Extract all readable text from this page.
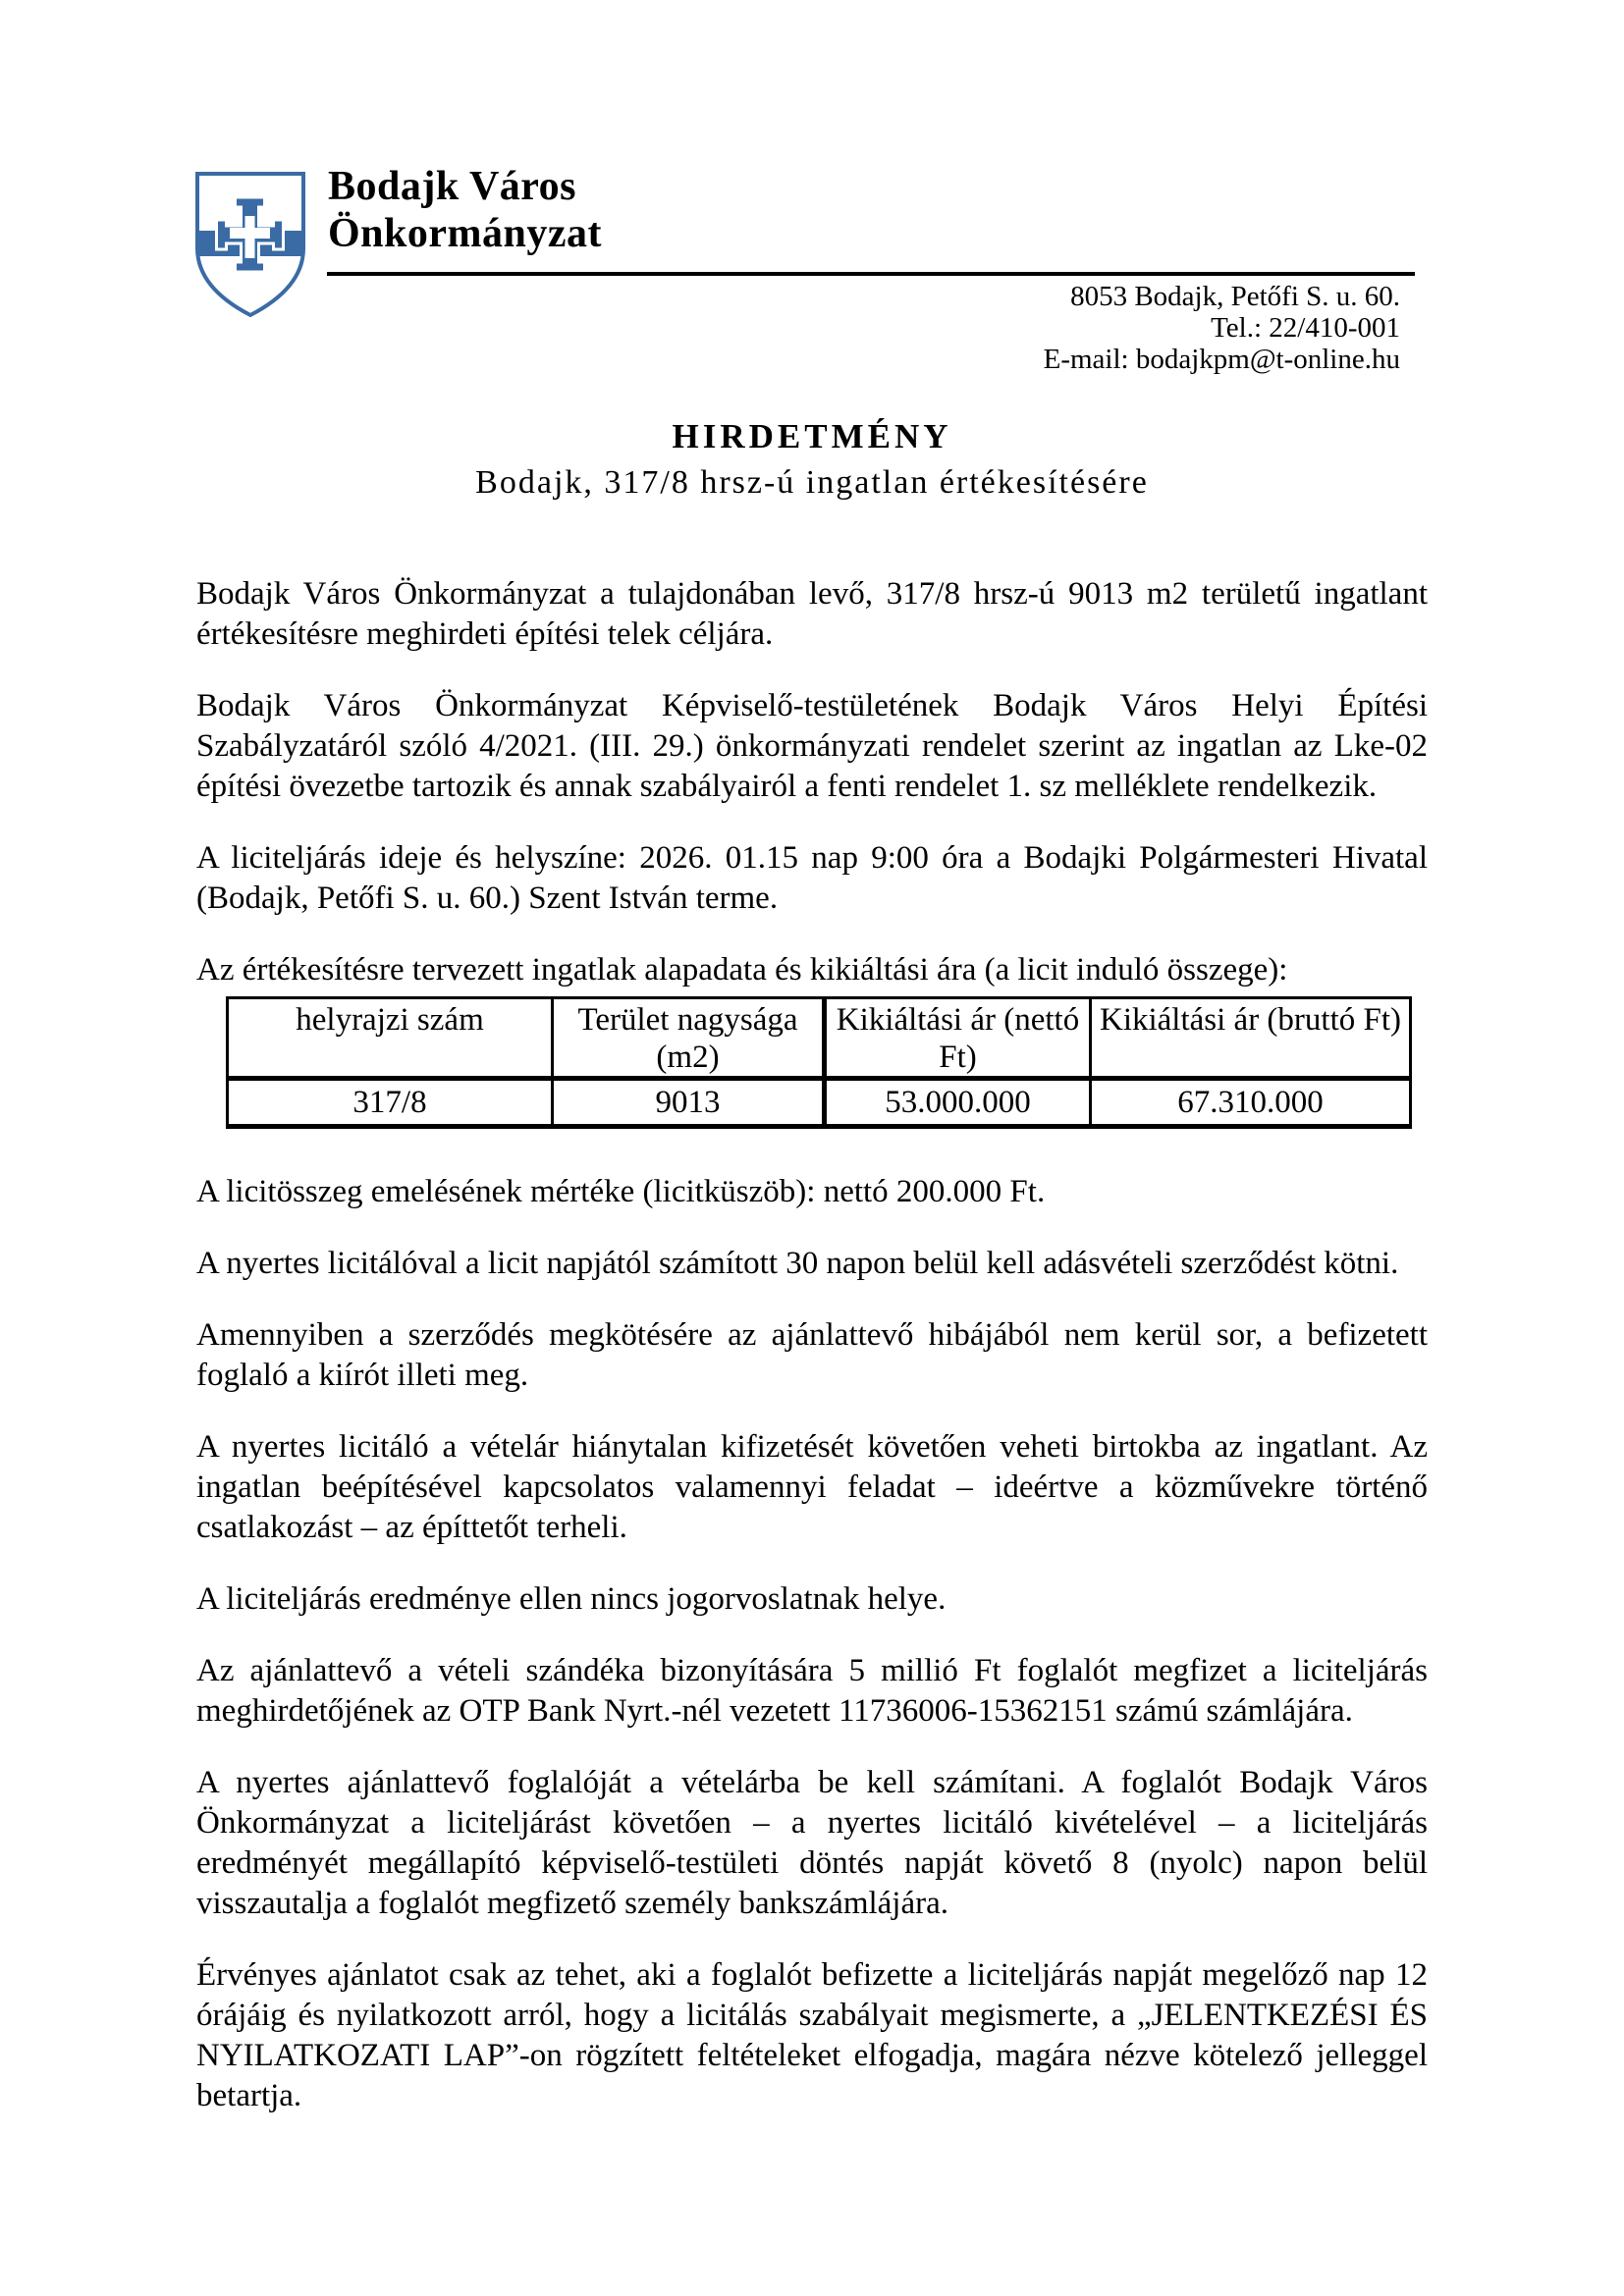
Bodajk Város
Önkormányzat
8053 Bodajk, Petőfi S. u. 60.
Tel.: 22/410-001
E-mail: bodajkpm@t-online.hu
HIRDETMÉNY
Bodajk, 317/8 hrsz-ú ingatlan értékesítésére

Bodajk Város Önkormányzat a tulajdonában levő, 317/8 hrsz-ú 9013 m2 területű ingatlant értékesítésre meghirdeti építési telek céljára.

Bodajk Város Önkormányzat Képviselő-testületének Bodajk Város Helyi Építési Szabályzatáról szóló 4/2021. (III. 29.) önkormányzati rendelet szerint az ingatlan az Lke-02 építési övezetbe tartozik és annak szabályairól a fenti rendelet 1. sz melléklete rendelkezik.

A liciteljárás ideje és helyszíne: 2026. 01.15 nap 9:00 óra a Bodajki Polgármesteri Hivatal (Bodajk, Petőfi S. u. 60.) Szent István terme.

Az értékesítésre tervezett ingatlak alapadata és kikiáltási ára (a licit induló összege):

helyrajzi szám	Terület nagysága (m2)	Kikiáltási ár (nettó Ft)	Kikiáltási ár (bruttó Ft)
317/8	9013	53.000.000	67.310.000

A licitösszeg emelésének mértéke (licitküszöb): nettó 200.000 Ft.

A nyertes licitálóval a licit napjától számított 30 napon belül kell adásvételi szerződést kötni.

Amennyiben a szerződés megkötésére az ajánlattevő hibájából nem kerül sor, a befizetett foglaló a kiírót illeti meg.

A nyertes licitáló a vételár hiánytalan kifizetését követően veheti birtokba az ingatlant. Az ingatlan beépítésével kapcsolatos valamennyi feladat – ideértve a közművekre történő csatlakozást – az építtetőt terheli.

A liciteljárás eredménye ellen nincs jogorvoslatnak helye.

Az ajánlattevő a vételi szándéka bizonyítására 5 millió Ft foglalót megfizet a liciteljárás meghirdetőjének az OTP Bank Nyrt.-nél vezetett 11736006-15362151 számú számlájára.

A nyertes ajánlattevő foglalóját a vételárba be kell számítani. A foglalót Bodajk Város Önkormányzat a liciteljárást követően – a nyertes licitáló kivételével – a liciteljárás eredményét megállapító képviselő-testületi döntés napját követő 8 (nyolc) napon belül visszautalja a foglalót megfizető személy bankszámlájára.

Érvényes ajánlatot csak az tehet, aki a foglalót befizette a liciteljárás napját megelőző nap 12 órájáig és nyilatkozott arról, hogy a licitálás szabályait megismerte, a „JELENTKEZÉSI ÉS NYILATKOZATI LAP”-on rögzített feltételeket elfogadja, magára nézve kötelező jelleggel betartja.
